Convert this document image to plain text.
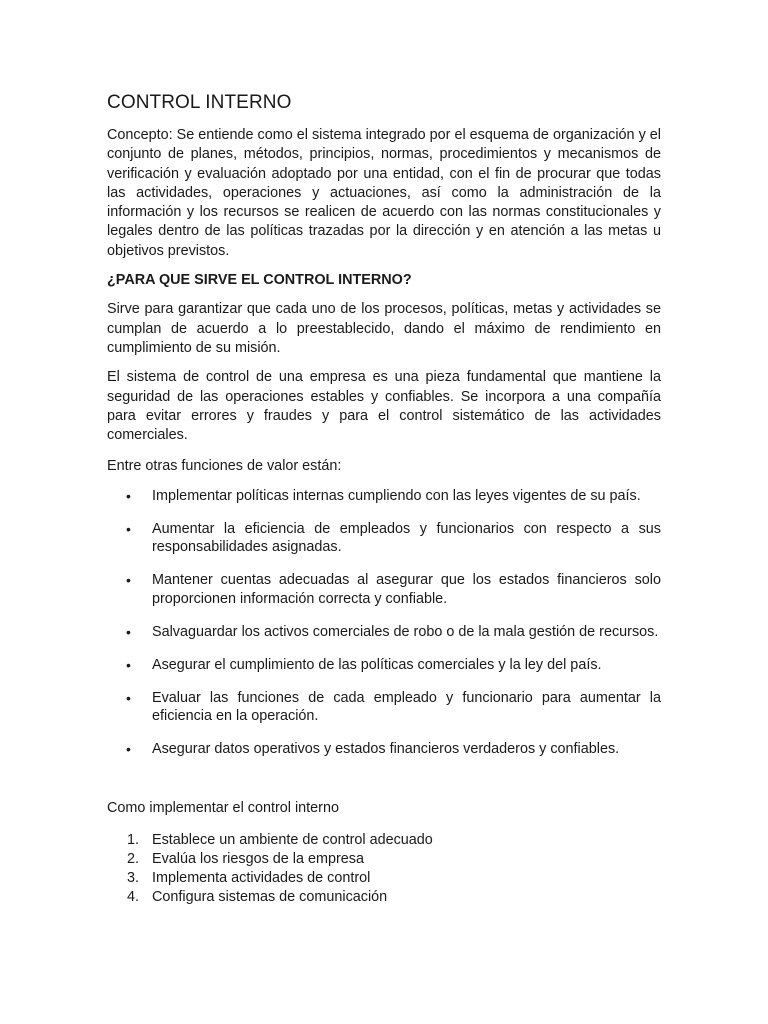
CONTROL INTERNO

Concepto: Se entiende como el sistema integrado por el esquema de organización y el conjunto de planes, métodos, principios, normas, procedimientos y mecanismos de verificación y evaluación adoptado por una entidad, con el fin de procurar que todas las actividades, operaciones y actuaciones, así como la administración de la información y los recursos se realicen de acuerdo con las normas constitucionales y legales dentro de las políticas trazadas por la dirección y en atención a las metas u objetivos previstos.

¿PARA QUE SIRVE EL CONTROL INTERNO?

Sirve para garantizar que cada uno de los procesos, políticas, metas y actividades se cumplan de acuerdo a lo preestablecido, dando el máximo de rendimiento en cumplimiento de su misión.

El sistema de control de una empresa es una pieza fundamental que mantiene la seguridad de las operaciones estables y confiables. Se incorpora a una compañía para evitar errores y fraudes y para el control sistemático de las actividades comerciales.

Entre otras funciones de valor están:

• Implementar políticas internas cumpliendo con las leyes vigentes de su país.
• Aumentar la eficiencia de empleados y funcionarios con respecto a sus responsabilidades asignadas.
• Mantener cuentas adecuadas al asegurar que los estados financieros solo proporcionen información correcta y confiable.
• Salvaguardar los activos comerciales de robo o de la mala gestión de recursos.
• Asegurar el cumplimiento de las políticas comerciales y la ley del país.
• Evaluar las funciones de cada empleado y funcionario para aumentar la eficiencia en la operación.
• Asegurar datos operativos y estados financieros verdaderos y confiables.

Como implementar el control interno

1. Establece un ambiente de control adecuado
2. Evalúa los riesgos de la empresa
3. Implementa actividades de control
4. Configura sistemas de comunicación
